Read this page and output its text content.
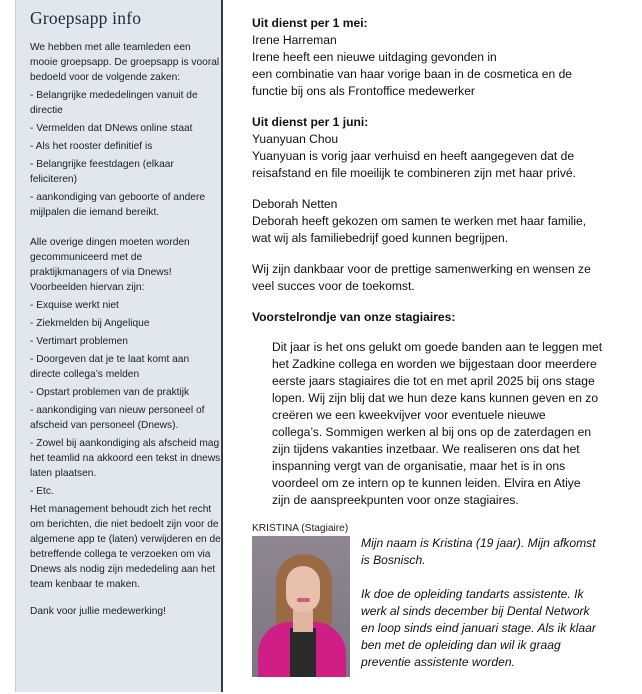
Groepsapp info

We hebben met alle teamleden een mooie groepsapp. De groepsapp is vooral bedoeld voor de volgende zaken:

- Belangrijke mededelingen vanuit de directie

- Vermelden dat DNews online staat

- Als het rooster definitief is

- Belangrijke feestdagen (elkaar feliciteren)

- aankondiging van geboorte of andere mijlpalen die iemand bereikt.

Alle overige dingen moeten worden gecommuniceerd met de praktijkmanagers of via Dnews! Voorbeelden hiervan zijn:

- Exquise werkt niet

- Ziekmelden bij Angelique

- Vertimart problemen

- Doorgeven dat je te laat komt aan directe collega’s melden

- Opstart problemen van de praktijk

- aankondiging van nieuw personeel of afscheid van personeel (Dnews).

- Zowel bij aankondiging als afscheid mag het teamlid na akkoord een tekst in dnews laten plaatsen.

- Etc.

Het management behoudt zich het recht om berichten, die niet bedoelt zijn voor de algemene app te (laten) verwijderen en de betreffende collega te verzoeken om via Dnews als nodig zijn mededeling aan het team kenbaar te maken.

Dank voor jullie medewerking!

Uit dienst per 1 mei:

Irene Harreman

Irene heeft een nieuwe uitdaging gevonden in

een combinatie van haar vorige baan in de cosmetica en de

functie bij ons als Frontoffice medewerker

Uit dienst per 1 juni:

Yuanyuan Chou

Yuanyuan is vorig jaar verhuisd en heeft aangegeven dat de

reisafstand en file moeilijk te combineren zijn met haar privé.

Deborah Netten

Deborah heeft gekozen om samen te werken met haar familie,

wat wij als familiebedrijf goed kunnen begrijpen.

Wij zijn dankbaar voor de prettige samenwerking en wensen ze

veel succes voor de toekomst.

Voorstelrondje van onze stagiaires:

Dit jaar is het ons gelukt om goede banden aan te leggen met

het Zadkine collega en worden we bijgestaan door meerdere

eerste jaars stagiaires die tot en met april 2025 bij ons stage

lopen. Wij zijn blij dat we hun deze kans kunnen geven en zo

creëren we een kweekvijver voor eventuele nieuwe

collega’s. Sommigen werken al bij ons op de zaterdagen en

zijn tijdens vakanties inzetbaar. We realiseren ons dat het

inspanning vergt van de organisatie, maar het is in ons

voordeel om ze intern op te kunnen leiden. Elvira en Atiye

zijn de aanspreekpunten voor onze stagiaires.

KRISTINA (Stagiaire)

Mijn naam is Kristina (19 jaar). Mijn afkomst

is Bosnisch.

Ik doe de opleiding tandarts assistente. Ik

werk al sinds december bij Dental Network

en loop sinds eind januari stage. Als ik klaar

ben met de opleiding dan wil ik graag

preventie assistente worden.
